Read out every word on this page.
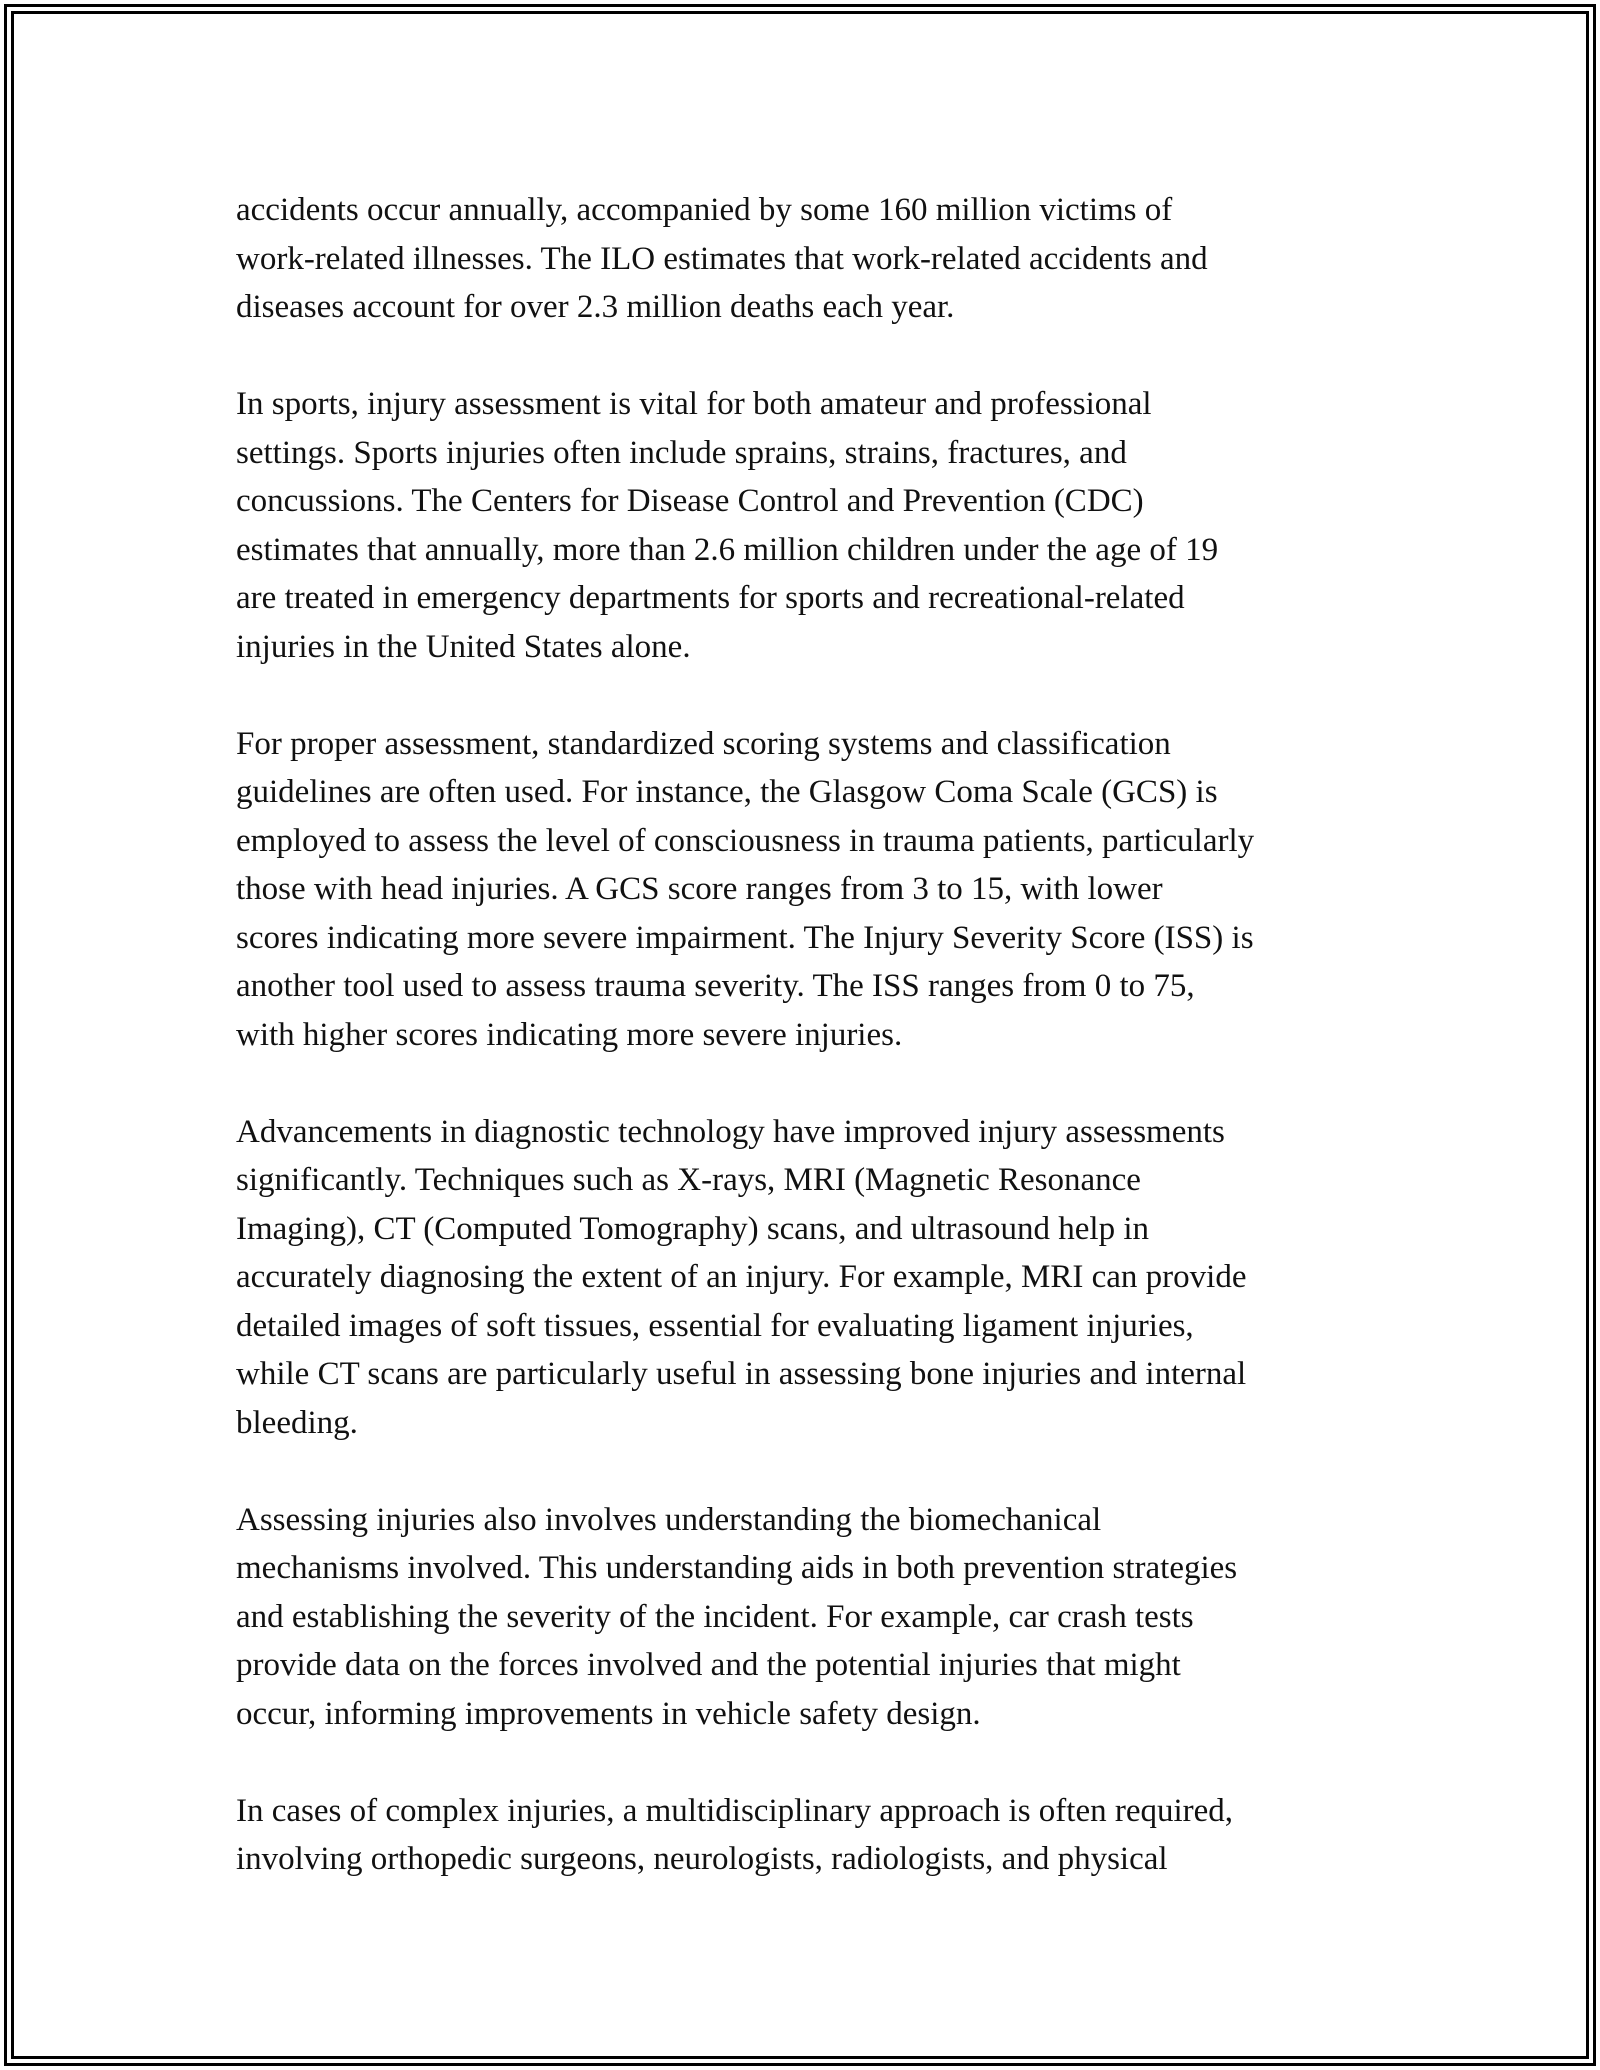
accidents occur annually, accompanied by some 160 million victims of
work-related illnesses. The ILO estimates that work-related accidents and
diseases account for over 2.3 million deaths each year.

In sports, injury assessment is vital for both amateur and professional
settings. Sports injuries often include sprains, strains, fractures, and
concussions. The Centers for Disease Control and Prevention (CDC)
estimates that annually, more than 2.6 million children under the age of 19
are treated in emergency departments for sports and recreational-related
injuries in the United States alone.

For proper assessment, standardized scoring systems and classification
guidelines are often used. For instance, the Glasgow Coma Scale (GCS) is
employed to assess the level of consciousness in trauma patients, particularly
those with head injuries. A GCS score ranges from 3 to 15, with lower
scores indicating more severe impairment. The Injury Severity Score (ISS) is
another tool used to assess trauma severity. The ISS ranges from 0 to 75,
with higher scores indicating more severe injuries.

Advancements in diagnostic technology have improved injury assessments
significantly. Techniques such as X-rays, MRI (Magnetic Resonance
Imaging), CT (Computed Tomography) scans, and ultrasound help in
accurately diagnosing the extent of an injury. For example, MRI can provide
detailed images of soft tissues, essential for evaluating ligament injuries,
while CT scans are particularly useful in assessing bone injuries and internal
bleeding.

Assessing injuries also involves understanding the biomechanical
mechanisms involved. This understanding aids in both prevention strategies
and establishing the severity of the incident. For example, car crash tests
provide data on the forces involved and the potential injuries that might
occur, informing improvements in vehicle safety design.

In cases of complex injuries, a multidisciplinary approach is often required,
involving orthopedic surgeons, neurologists, radiologists, and physical
